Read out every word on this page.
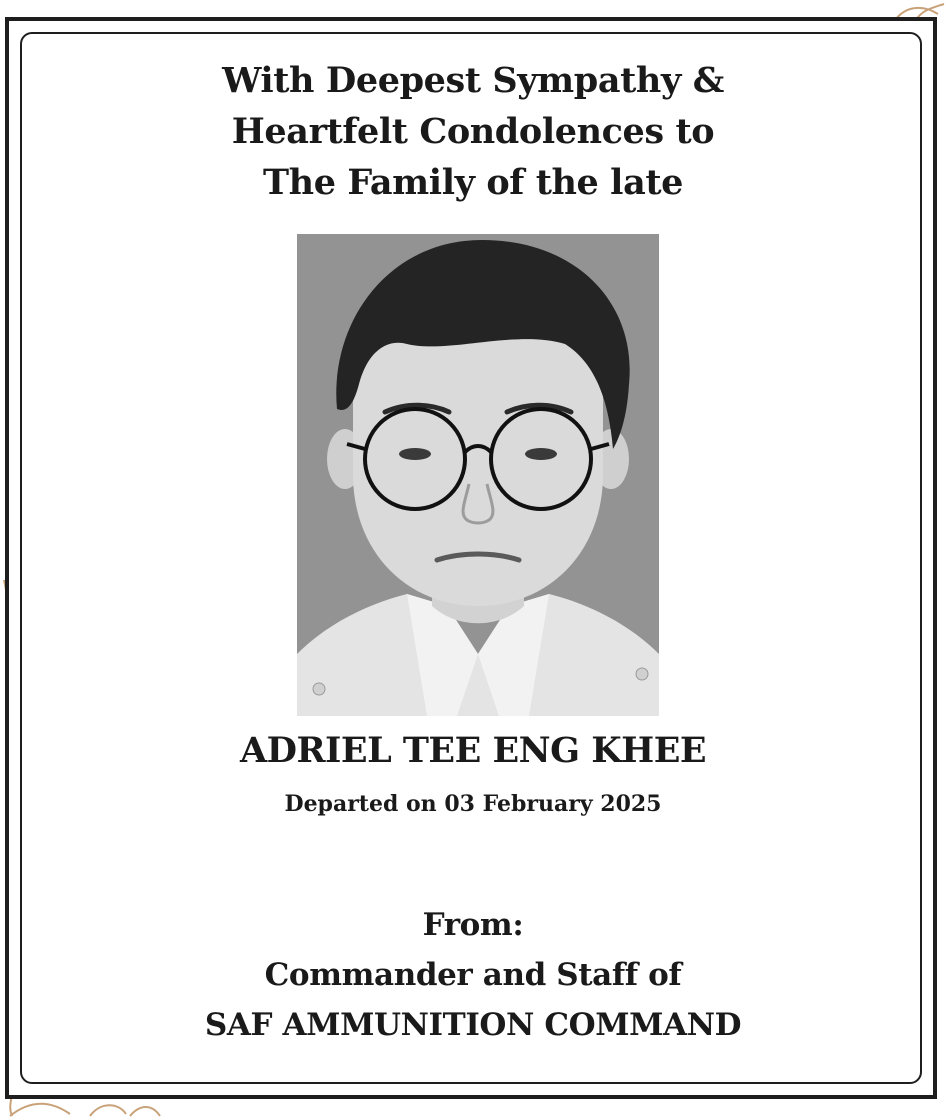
With Deepest Sympathy &
Heartfelt Condolences to
The Family of the late
ADRIEL TEE ENG KHEE
Departed on 03 February 2025
From:
Commander and Staff of
SAF AMMUNITION COMMAND
